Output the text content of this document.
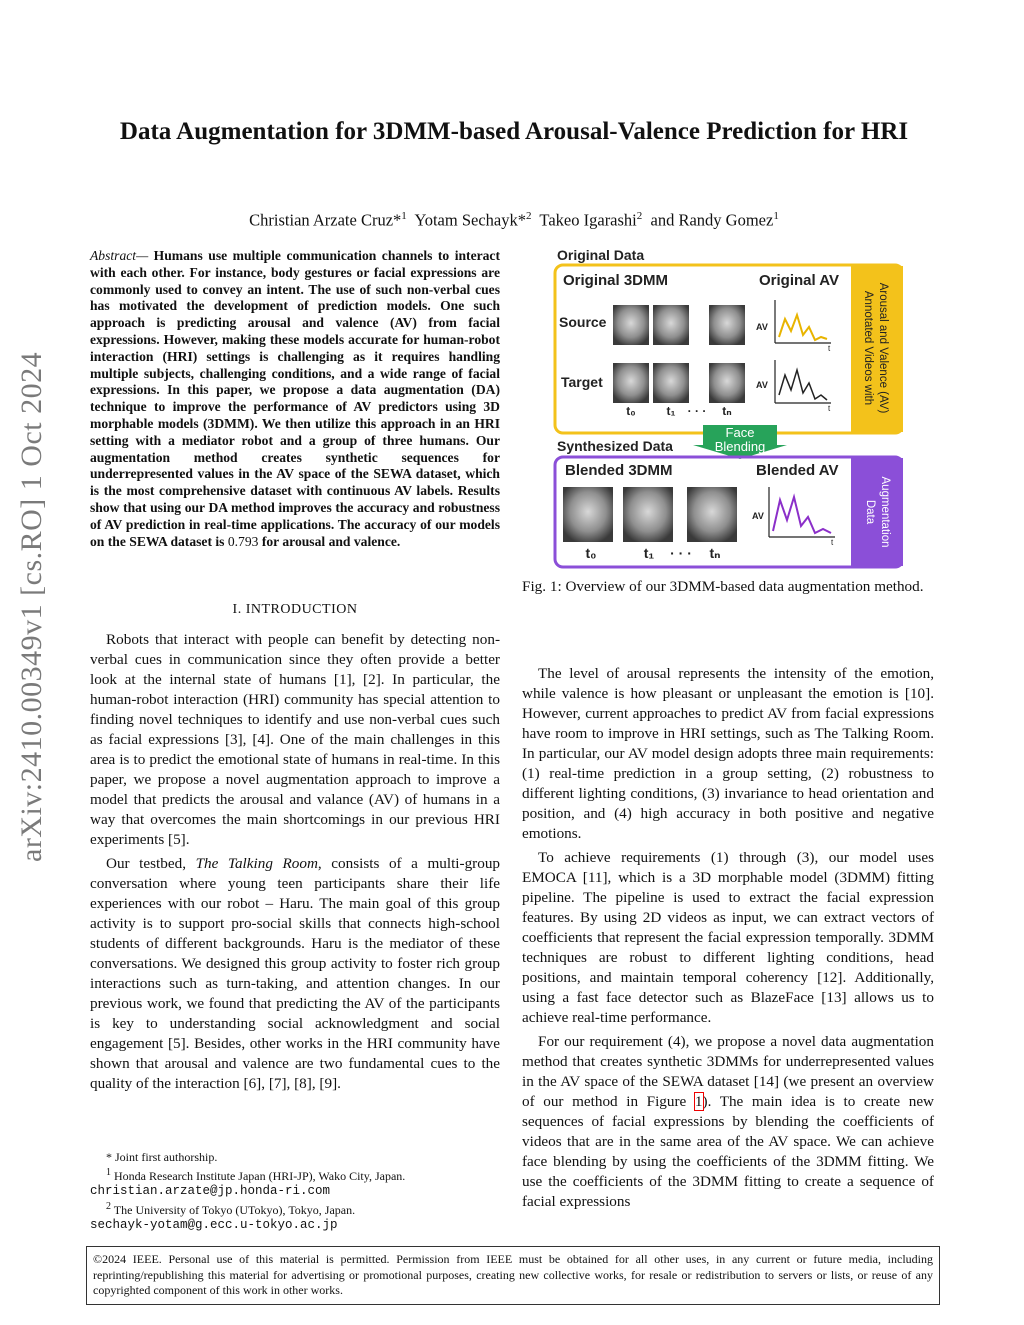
arXiv:2410.00349v1 [cs.RO] 1 Oct 2024
Data Augmentation for 3DMM-based Arousal-Valence Prediction for HRI
Christian Arzate Cruz*$^1$ Yotam Sechayk*$^2$ Takeo Igarashi$^2$ and Randy Gomez$^1$
Abstract— Humans use multiple communication channels to interact with each other. For instance, body gestures or facial expressions are commonly used to convey an intent. The use of such non-verbal cues has motivated the development of prediction models. One such approach is predicting arousal and valence (AV) from facial expressions. However, making these models accurate for human-robot interaction (HRI) settings is challenging as it requires handling multiple subjects, challenging conditions, and a wide range of facial expressions. In this paper, we propose a data augmentation (DA) technique to improve the performance of AV predictors using 3D morphable models (3DMM). We then utilize this approach in an HRI setting with a mediator robot and a group of three humans. Our augmentation method creates synthetic sequences for underrepresented values in the AV space of the SEWA dataset, which is the most comprehensive dataset with continuous AV labels. Results show that using our DA method improves the accuracy and robustness of AV prediction in real-time applications. The accuracy of our models on the SEWA dataset is 0.793 for arousal and valence.
I. INTRODUCTION

Robots that interact with people can benefit by detecting non-verbal cues in communication since they often provide a better look at the internal state of humans [1], [2]. In particular, the human-robot interaction (HRI) community has special attention to finding novel techniques to identify and use non-verbal cues such as facial expressions [3], [4]. One of the main challenges in this area is to predict the emotional state of humans in real-time. In this paper, we propose a novel augmentation approach to improve a model that predicts the arousal and valance (AV) of humans in a way that overcomes the main shortcomings in our previous HRI experiments [5].

Our testbed, The Talking Room, consists of a multi-group conversation where young teen participants share their life experiences with our robot – Haru. The main goal of this group activity is to support pro-social skills that connects high-school students of different backgrounds. Haru is the mediator of these conversations. We designed this group activity to foster rich group interactions such as turn-taking, and attention changes. In our previous work, we found that predicting the AV of the participants is key to understanding social acknowledgment and social engagement [5]. Besides, other works in the HRI community have shown that arousal and valence are two fundamental cues to the quality of the interaction [6], [7], [8], [9].

* Joint first authorship.
$^1$ Honda Research Institute Japan (HRI-JP), Wako City, Japan.
christian.arzate@jp.honda-ri.com
$^2$ The University of Tokyo (UTokyo), Tokyo, Japan.
sechayk-yotam@g.ecc.u-tokyo.ac.jp
Original Data
Annotated Videos with Arousal and Valence (AV)
Original 3DMM	Original AV
Source
Target
t₀	t₁ · · · tₙ
AV
t
AV
t
Face
Blending
Synthesized Data
Data Augmentation
Blended 3DMM	Blended AV
t₀	t₁ · · · tₙ
AV
t
Fig. 1: Overview of our 3DMM-based data augmentation method.

The level of arousal represents the intensity of the emotion, while valence is how pleasant or unpleasant the emotion is [10]. However, current approaches to predict AV from facial expressions have room to improve in HRI settings, such as The Talking Room. In particular, our AV model design adopts three main requirements: (1) real-time prediction in a group setting, (2) robustness to different lighting conditions, (3) invariance to head orientation and position, and (4) high accuracy in both positive and negative emotions.

To achieve requirements (1) through (3), our model uses EMOCA [11], which is a 3D morphable model (3DMM) fitting pipeline. The pipeline is used to extract the facial expression features. By using 2D videos as input, we can extract vectors of coefficients that represent the facial expression temporally. 3DMM techniques are robust to different lighting conditions, head positions, and maintain temporal coherency [12]. Additionally, using a fast face detector such as BlazeFace [13] allows us to achieve real-time performance.

For our requirement (4), we propose a novel data augmentation method that creates synthetic 3DMMs for underrepresented values in the AV space of the SEWA dataset [14] (we present an overview of our method in Figure 1). The main idea is to create new sequences of facial expressions by blending the coefficients of videos that are in the same area of the AV space. We can achieve face blending by using the coefficients of the 3DMM fitting. We use the coefficients of the 3DMM fitting to create a sequence of facial expressions

©2024 IEEE. Personal use of this material is permitted. Permission from IEEE must be obtained for all other uses, in any current or future media, including reprinting/republishing this material for advertising or promotional purposes, creating new collective works, for resale or redistribution to servers or lists, or reuse of any copyrighted component of this work in other works.
